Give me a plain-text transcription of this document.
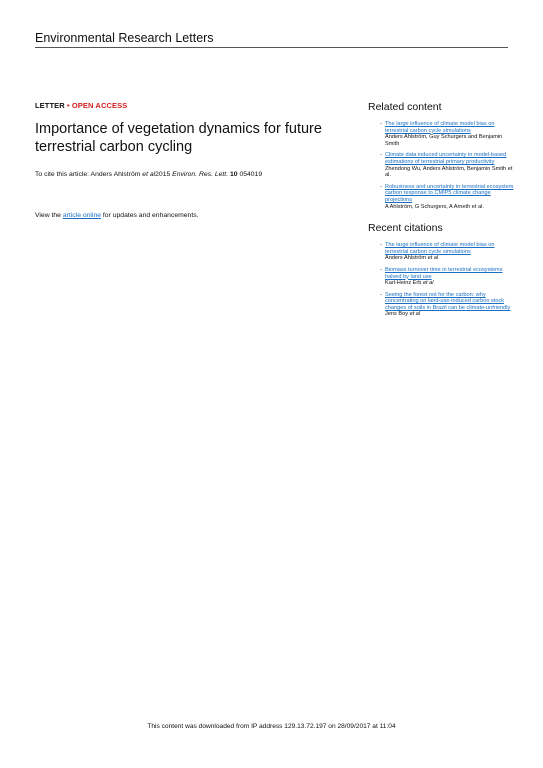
Environmental Research Letters
LETTER • OPEN ACCESS
Importance of vegetation dynamics for future terrestrial carbon cycling
To cite this article: Anders Ahlström et al2015 Environ. Res. Lett. 10 054019
View the article online for updates and enhancements.
Related content
- The large influence of climate model bias on terrestrial carbon cycle simulations
Anders Ahlström, Guy Schurgers and Benjamin Smith
- Climate data induced uncertainty in model-based estimations of terrestrial primary productivity
Zhendong Wu, Anders Ahlström, Benjamin Smith et al.
- Robustness and uncertainty in terrestrial ecosystem carbon response to CMIP5 climate change projections
A Ahlström, G Schurgers, A Arneth et al.
Recent citations
- The large influence of climate model bias on terrestrial carbon cycle simulations
Anders Ahlström et al
- Biomass turnover time in terrestrial ecosystems halved by land use
Karl-Heinz Erb et al
- Seeing the forest not for the carbon: why concentrating on land-use-induced carbon stock changes of soils in Brazil can be climate-unfriendly
Jens Boy et al
This content was downloaded from IP address 129.13.72.197 on 28/09/2017 at 11:04
